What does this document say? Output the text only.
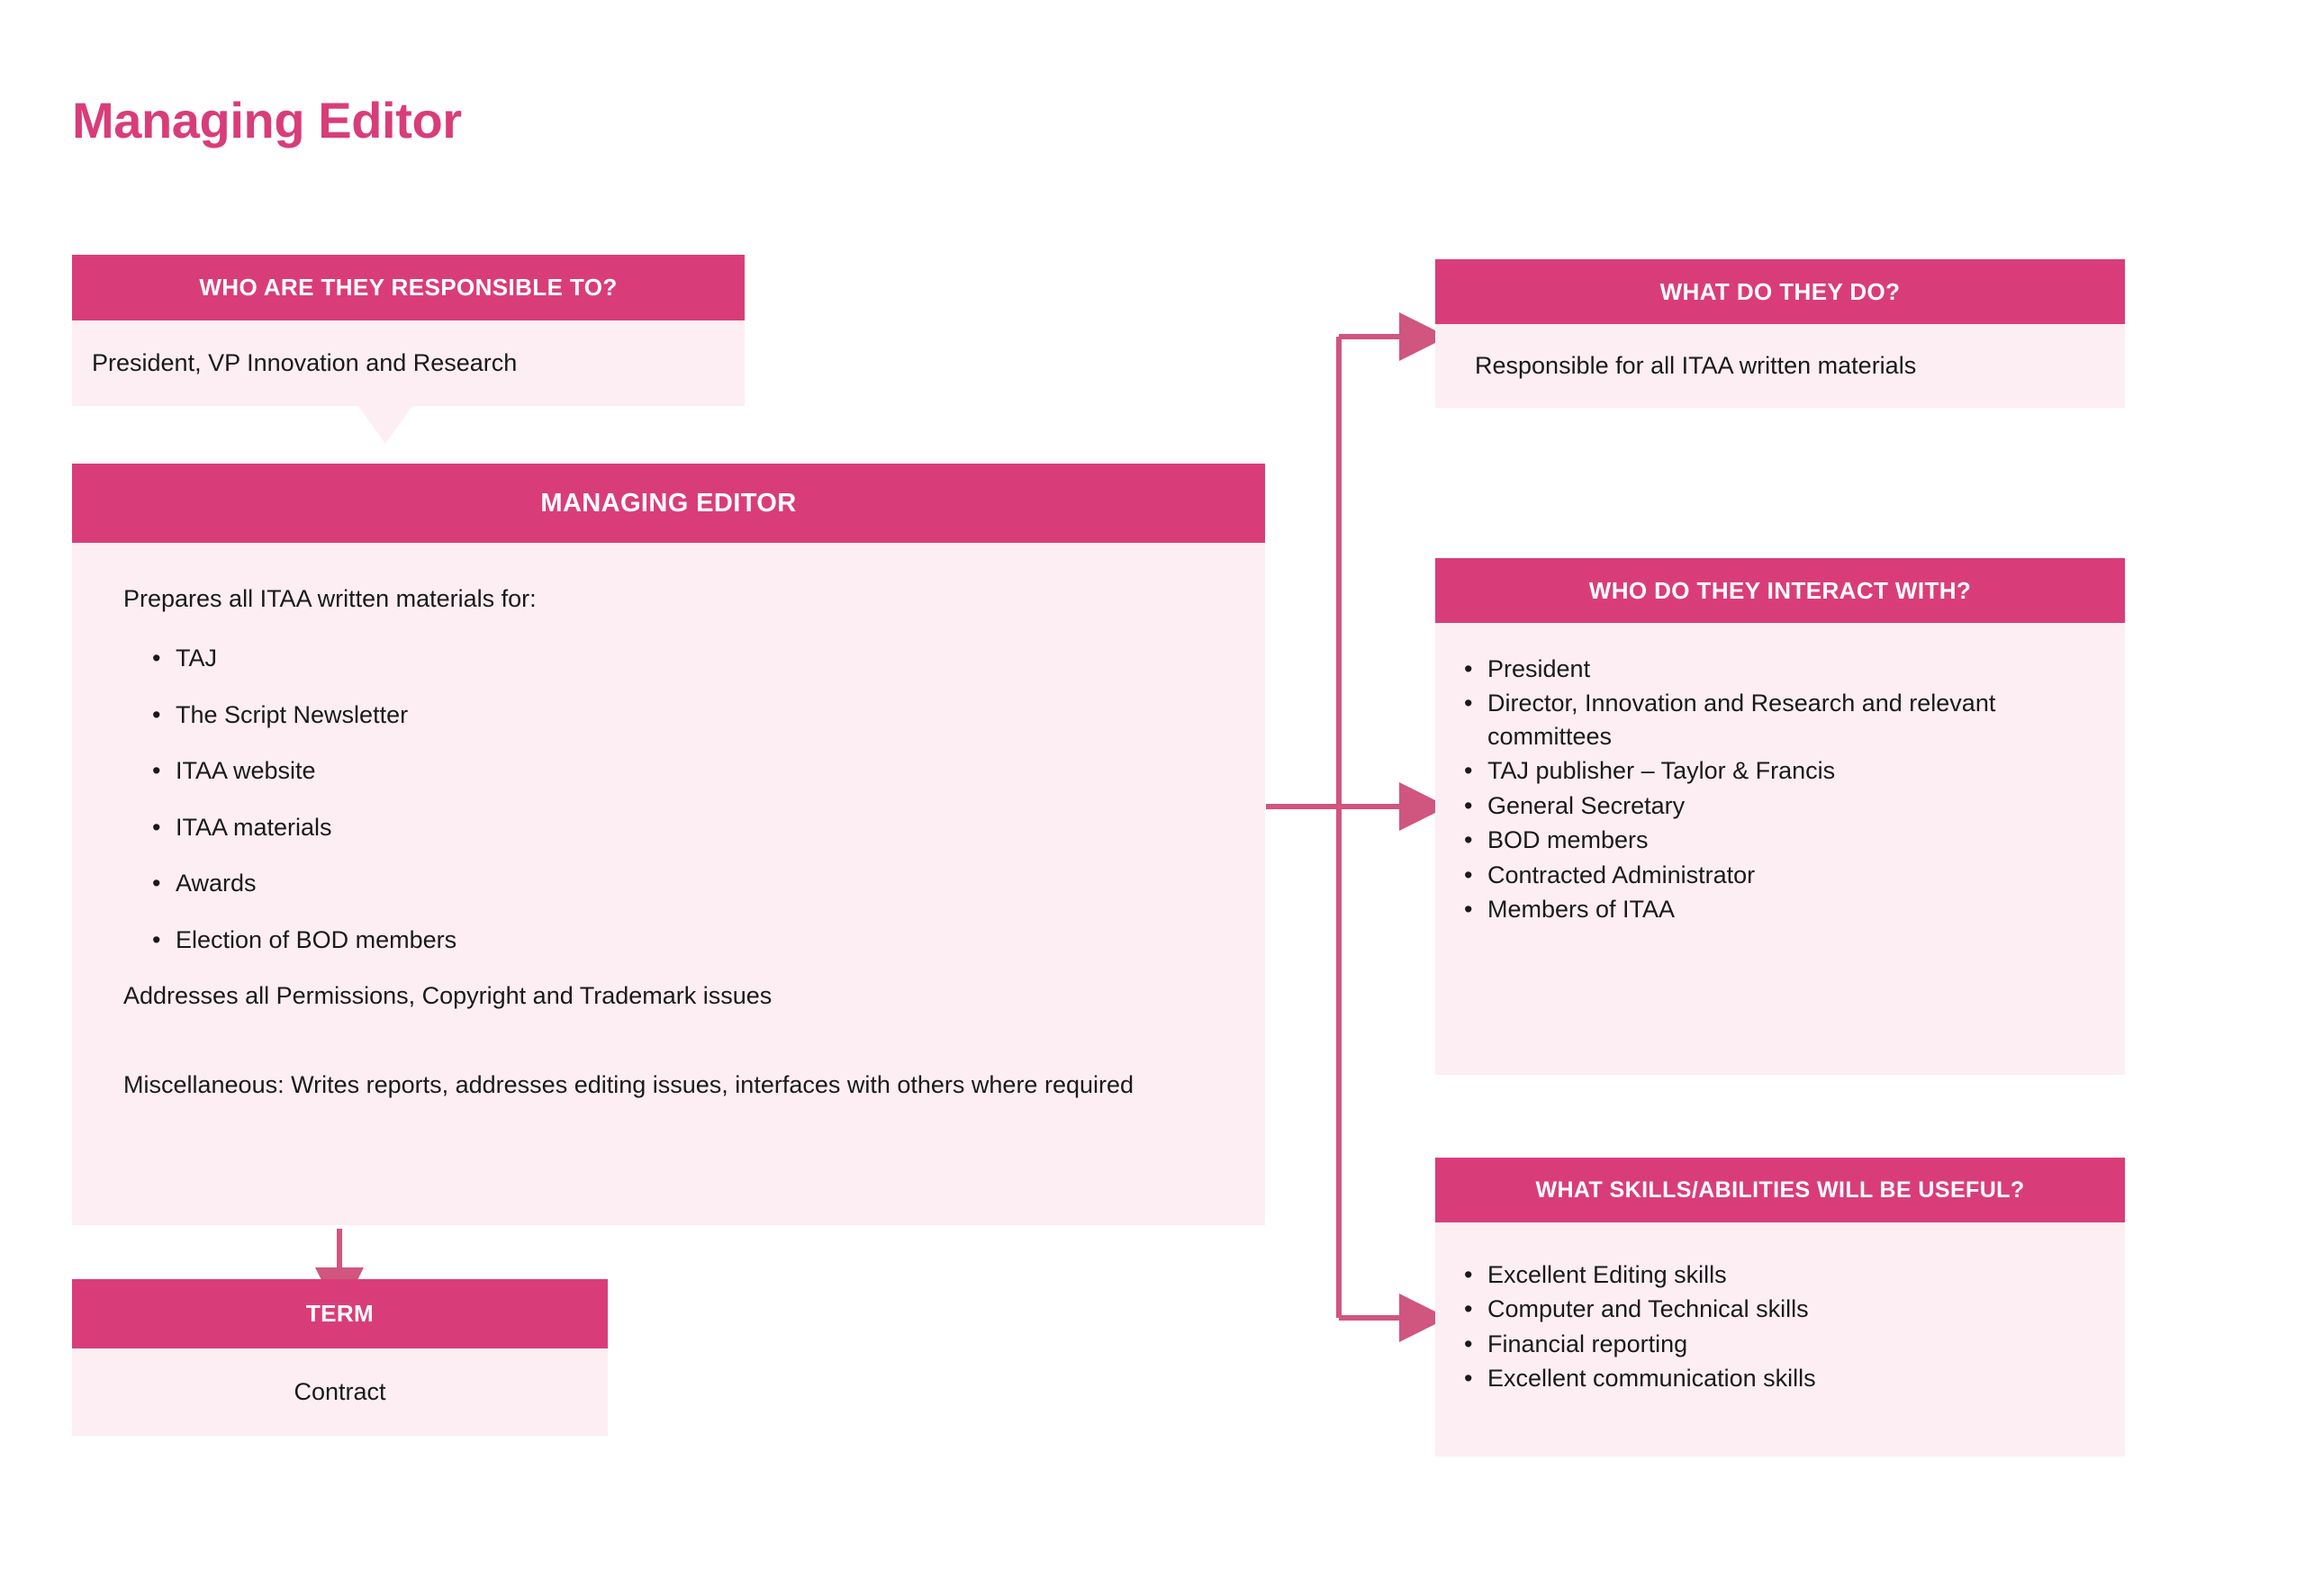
Managing Editor
WHO ARE THEY RESPONSIBLE TO?
President, VP Innovation and Research
MANAGING EDITOR

Prepares all ITAA written materials for:

• TAJ
• The Script Newsletter
• ITAA website
• ITAA materials
• Awards
• Election of BOD members

Addresses all Permissions, Copyright and Trademark issues

Miscellaneous: Writes reports, addresses editing issues, interfaces with others where required

TERM
Contract
WHAT DO THEY DO?
Responsible for all ITAA written materials
WHO DO THEY INTERACT WITH?
• President
• Director, Innovation and Research and relevant committees
• TAJ publisher – Taylor & Francis
• General Secretary
• BOD members
• Contracted Administrator
• Members of ITAA
WHAT SKILLS/ABILITIES WILL BE USEFUL?
• Excellent Editing skills
• Computer and Technical skills
• Financial reporting
• Excellent communication skills
